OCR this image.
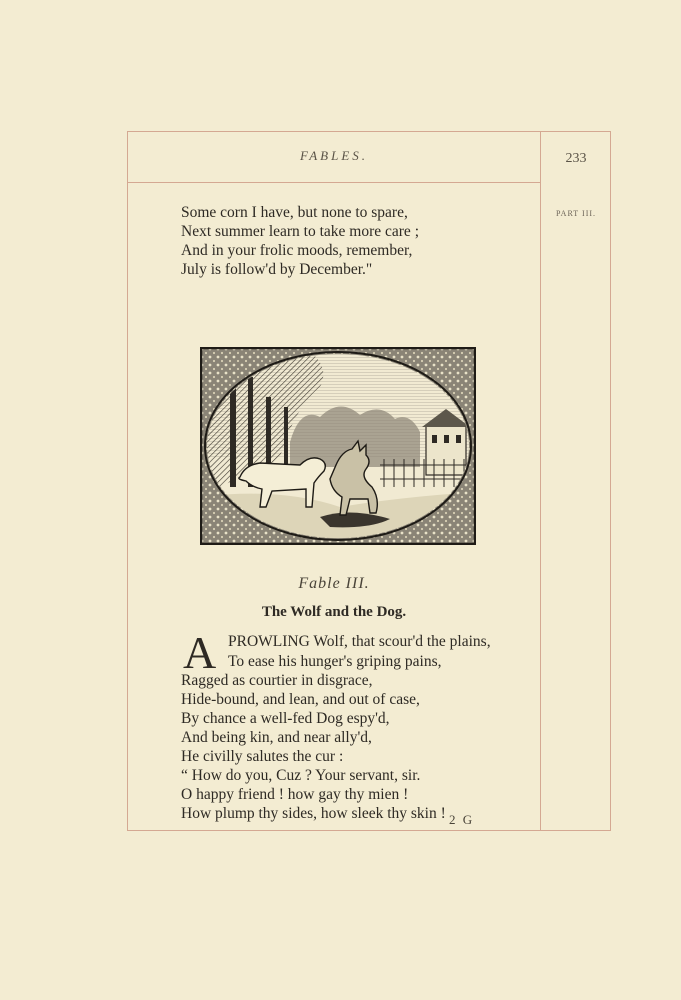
FABLES.	233
PART III.
Some corn I have, but none to spare,
Next summer learn to take more care ;
And in your frolic moods, remember,
July is follow'd by December."
Fable III.
The Wolf and the Dog.
A PROWLING Wolf, that scour'd the plains,
To ease his hunger's griping pains,
Ragged as courtier in disgrace,
Hide-bound, and lean, and out of case,
By chance a well-fed Dog espy'd,
And being kin, and near ally'd,
He civilly salutes the cur :
“ How do you, Cuz ? Your servant, sir.
O happy friend ! how gay thy mien !
How plump thy sides, how sleek thy skin ! 2 G
